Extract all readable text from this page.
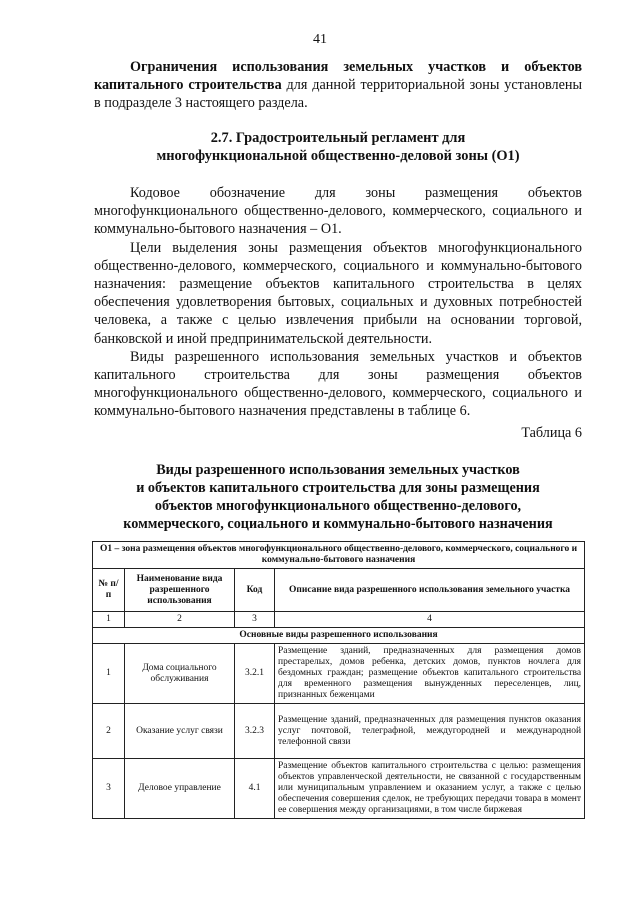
41

Ограничения использования земельных участков и объектов капитального строительства для данной территориальной зоны установлены в подразделе 3 настоящего раздела.

2.7. Градостроительный регламент для
многофункциональной общественно-деловой зоны (О1)

Кодовое обозначение для зоны размещения объектов многофункционального общественно-делового, коммерческого, социального и коммунально-бытового назначения – О1.

Цели выделения зоны размещения объектов многофункционального общественно-делового, коммерческого, социального и коммунально-бытового назначения: размещение объектов капитального строительства в целях обеспечения удовлетворения бытовых, социальных и духовных потребностей человека, а также с целью извлечения прибыли на основании торговой, банковской и иной предпринимательской деятельности.

Виды разрешенного использования земельных участков и объектов капитального строительства для зоны размещения объектов многофункционального общественно-делового, коммерческого, социального и коммунально-бытового назначения представлены в таблице 6.

Таблица 6
Виды разрешенного использования земельных участков
и объектов капитального строительства для зоны размещения
объектов многофункционального общественно-делового,
коммерческого, социального и коммунально-бытового назначения
О1 – зона размещения объектов многофункционального общественно-делового, коммерческого, социального и коммунально-бытового назначения			
№ п/п	Наименование вида разрешенного использования	Код	Описание вида разрешенного использования земельного участка
1	2	3	4
Основные виды разрешенного использования			
1	Дома социального обслуживания	3.2.1	Размещение зданий, предназначенных для размещения домов престарелых, домов ребенка, детских домов, пунктов ночлега для бездомных граждан; размещение объектов капитального строительства для временного размещения вынужденных переселенцев, лиц, признанных беженцами
2	Оказание услуг связи	3.2.3	Размещение зданий, предназначенных для размещения пунктов оказания услуг почтовой, телеграфной, междугородней и международной телефонной связи
3	Деловое управление	4.1	Размещение объектов капитального строительства с целью: размещения объектов управленческой деятельности, не связанной с государственным или муниципальным управлением и оказанием услуг, а также с целью обеспечения совершения сделок, не требующих передачи товара в момент ее совершения между организациями, в том числе биржевая
